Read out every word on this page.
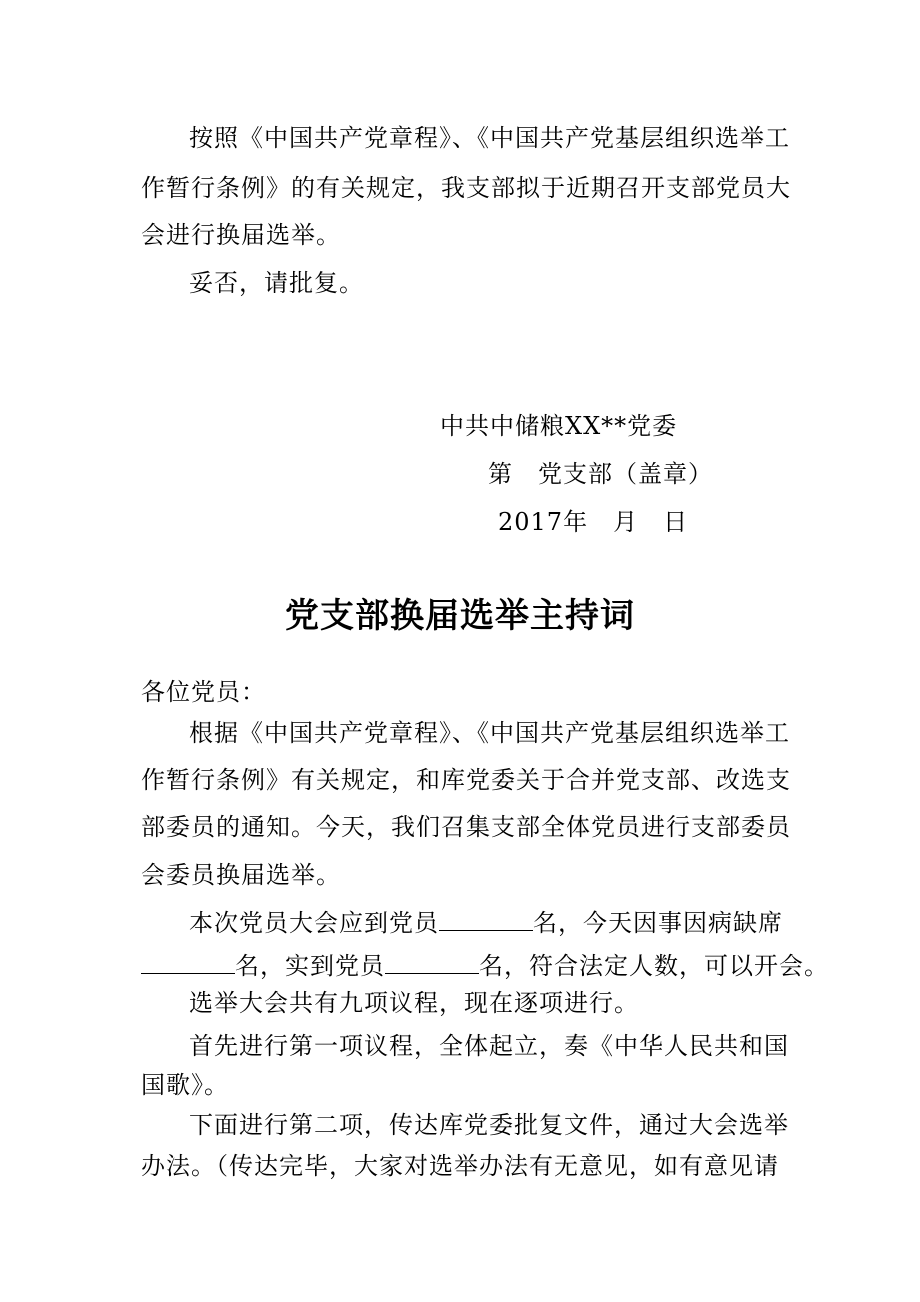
按照《中国共产党章程》、《中国共产党基层组织选举工
作暂行条例》的有关规定，我支部拟于近期召开支部党员大
会进行换届选举。
妥否，请批复。
中共中储粮XX**党委
第　党支部（盖章）
2017年　月　日
党支部换届选举主持词
各位党员：
根据《中国共产党章程》、《中国共产党基层组织选举工
作暂行条例》有关规定，和库党委关于合并党支部、改选支
部委员的通知。今天，我们召集支部全体党员进行支部委员
会委员换届选举。
本次党员大会应到党员	名，今天因事因病缺席
名，实到党员	名，符合法定人数，可以开会。
选举大会共有九项议程，现在逐项进行。
首先进行第一项议程，全体起立，奏《中华人民共和国
国歌》。
下面进行第二项，传达库党委批复文件，通过大会选举
办法。（传达完毕，大家对选举办法有无意见，如有意见请
